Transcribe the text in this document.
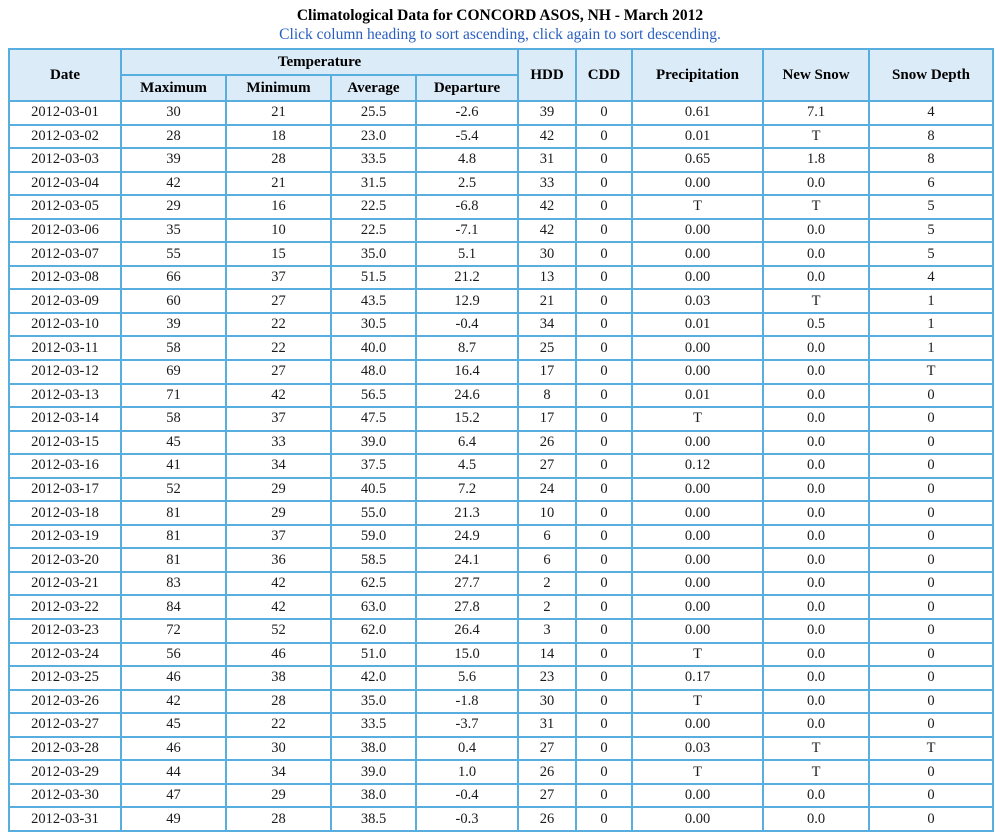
Climatological Data for CONCORD ASOS, NH - March 2012
Click column heading to sort ascending, click again to sort descending.
Date	Temperature				HDD	CDD	Precipitation	New Snow	Snow Depth
	Maximum	Minimum	Average	Departure					
2012-03-01	30	21	25.5	-2.6	39	0	0.61	7.1	4
2012-03-02	28	18	23.0	-5.4	42	0	0.01	T	8
2012-03-03	39	28	33.5	4.8	31	0	0.65	1.8	8
2012-03-04	42	21	31.5	2.5	33	0	0.00	0.0	6
2012-03-05	29	16	22.5	-6.8	42	0	T	T	5
2012-03-06	35	10	22.5	-7.1	42	0	0.00	0.0	5
2012-03-07	55	15	35.0	5.1	30	0	0.00	0.0	5
2012-03-08	66	37	51.5	21.2	13	0	0.00	0.0	4
2012-03-09	60	27	43.5	12.9	21	0	0.03	T	1
2012-03-10	39	22	30.5	-0.4	34	0	0.01	0.5	1
2012-03-11	58	22	40.0	8.7	25	0	0.00	0.0	1
2012-03-12	69	27	48.0	16.4	17	0	0.00	0.0	T
2012-03-13	71	42	56.5	24.6	8	0	0.01	0.0	0
2012-03-14	58	37	47.5	15.2	17	0	T	0.0	0
2012-03-15	45	33	39.0	6.4	26	0	0.00	0.0	0
2012-03-16	41	34	37.5	4.5	27	0	0.12	0.0	0
2012-03-17	52	29	40.5	7.2	24	0	0.00	0.0	0
2012-03-18	81	29	55.0	21.3	10	0	0.00	0.0	0
2012-03-19	81	37	59.0	24.9	6	0	0.00	0.0	0
2012-03-20	81	36	58.5	24.1	6	0	0.00	0.0	0
2012-03-21	83	42	62.5	27.7	2	0	0.00	0.0	0
2012-03-22	84	42	63.0	27.8	2	0	0.00	0.0	0
2012-03-23	72	52	62.0	26.4	3	0	0.00	0.0	0
2012-03-24	56	46	51.0	15.0	14	0	T	0.0	0
2012-03-25	46	38	42.0	5.6	23	0	0.17	0.0	0
2012-03-26	42	28	35.0	-1.8	30	0	T	0.0	0
2012-03-27	45	22	33.5	-3.7	31	0	0.00	0.0	0
2012-03-28	46	30	38.0	0.4	27	0	0.03	T	T
2012-03-29	44	34	39.0	1.0	26	0	T	T	0
2012-03-30	47	29	38.0	-0.4	27	0	0.00	0.0	0
2012-03-31	49	28	38.5	-0.3	26	0	0.00	0.0	0
